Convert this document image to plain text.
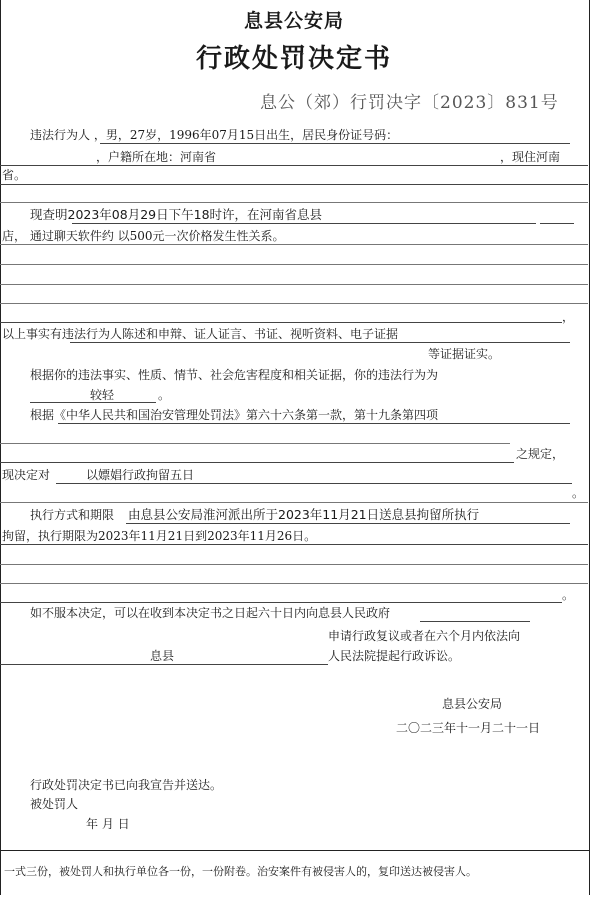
息县公安局
行政处罚决定书
息公（郊）行罚决字〔2023〕831号
违法行为人 ，男，27岁，1996年07月15日出生，居民身份证号码：
，户籍所在地：河南省	，现住河南
省。
现查明2023年08月29日下午18时许，在河南省息县
店， 通过聊天软件约 以500元一次价格发生性关系。
，
以上事实有违法行为人陈述和申辩、证人证言、书证、视听资料、电子证据
等证据证实。
根据你的违法事实、性质、情节、社会危害程度和相关证据，你的违法行为为
较轻	。
根据《中华人民共和国治安管理处罚法》第六十六条第一款，第十九条第四项
之规定，
现决定对	以嫖娼行政拘留五日
。
执行方式和期限 由息县公安局淮河派出所于2023年11月21日送息县拘留所执行
拘留，执行期限为2023年11月21日到2023年11月26日。
。
如不服本决定，可以在收到本决定书之日起六十日内向息县人民政府
申请行政复议或者在六个月内依法向
息县	人民法院提起行政诉讼。
息县公安局
二〇二三年十一月二十一日
行政处罚决定书已向我宣告并送达。
被处罚人
年 月 日
一式三份，被处罚人和执行单位各一份，一份附卷。治安案件有被侵害人的，复印送达被侵害人。
